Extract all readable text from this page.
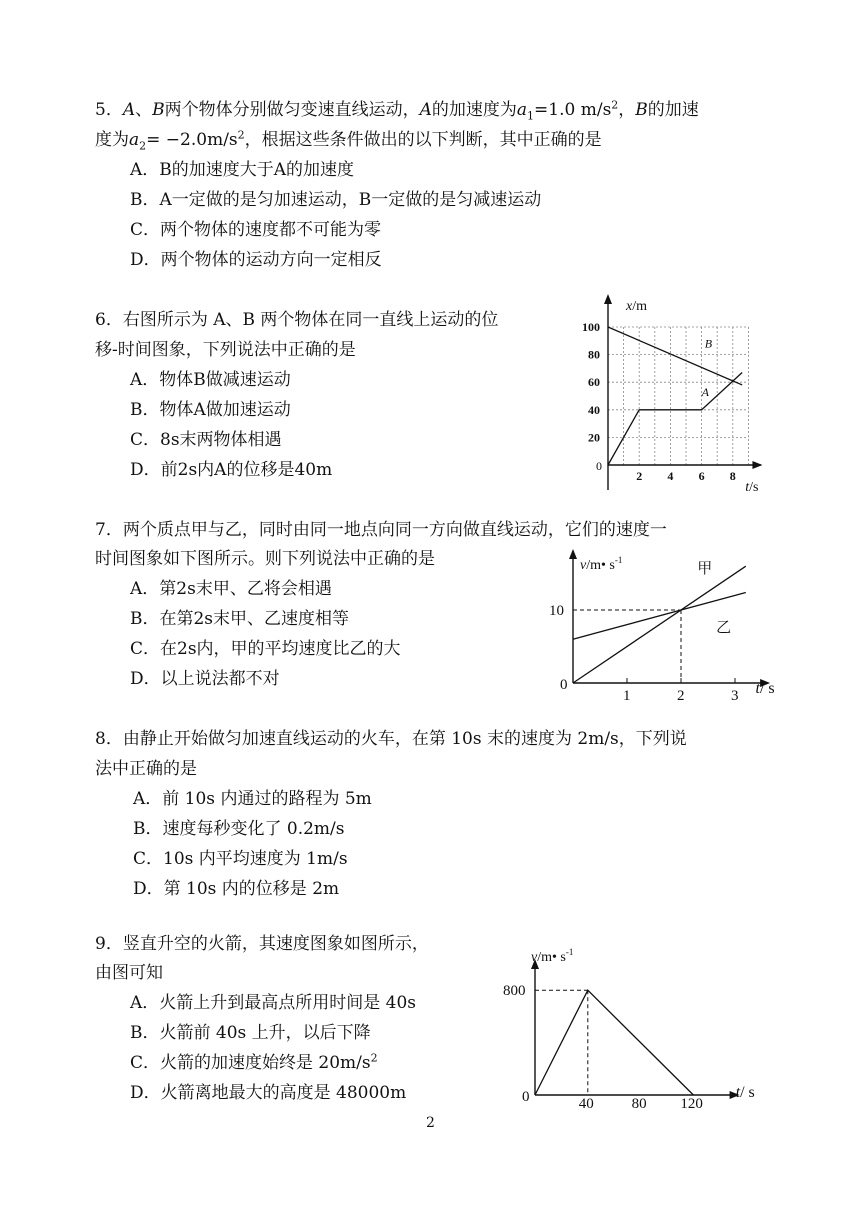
5．A、B两个物体分别做匀变速直线运动，A的加速度为$a_1=1.0$ $m/s^2$，B的加速
度为$a_2= -2.0m/s^2$，根据这些条件做出的以下判断，其中正确的是
A．B的加速度大于A的加速度
B．A一定做的是匀加速运动，B一定做的是匀减速运动
C．两个物体的速度都不可能为零
D．两个物体的运动方向一定相反
6．右图所示为 A、B 两个物体在同一直线上运动的位
移-时间图象，下列说法中正确的是
A．物体B做减速运动
B．物体A做加速运动
C．8s末两物体相遇
D．前2s内A的位移是40m
x/m
t/s
0
2 4 6 8
20
40
60
80
100
B
A
7．两个质点甲与乙，同时由同一地点向同一方向做直线运动，它们的速度一
时间图象如下图所示。则下列说法中正确的是
A．第2s末甲、乙将会相遇
B．在第2s末甲、乙速度相等
C．在2s内，甲的平均速度比乙的大
D．以上说法都不对
v/m• $s^{-1}$
t/ s
0
1	2	3
10
甲
乙
8．由静止开始做匀加速直线运动的火车，在第 10s 末的速度为 2m/s，下列说
法中正确的是
A．前 10s 内通过的路程为 5m
B．速度每秒变化了 0.2m/s
C．10s 内平均速度为 1m/s
D．第 10s 内的位移是 2m
9．竖直升空的火箭，其速度图象如图所示，
由图可知
A．火箭上升到最高点所用时间是 40s
B．火箭前 40s 上升，以后下降
C．火箭的加速度始终是 $20m/s^2$
D．火箭离地最大的高度是 48000m
v/m• $s^{-1}$
t/ s
0	40	80 120
800
2
